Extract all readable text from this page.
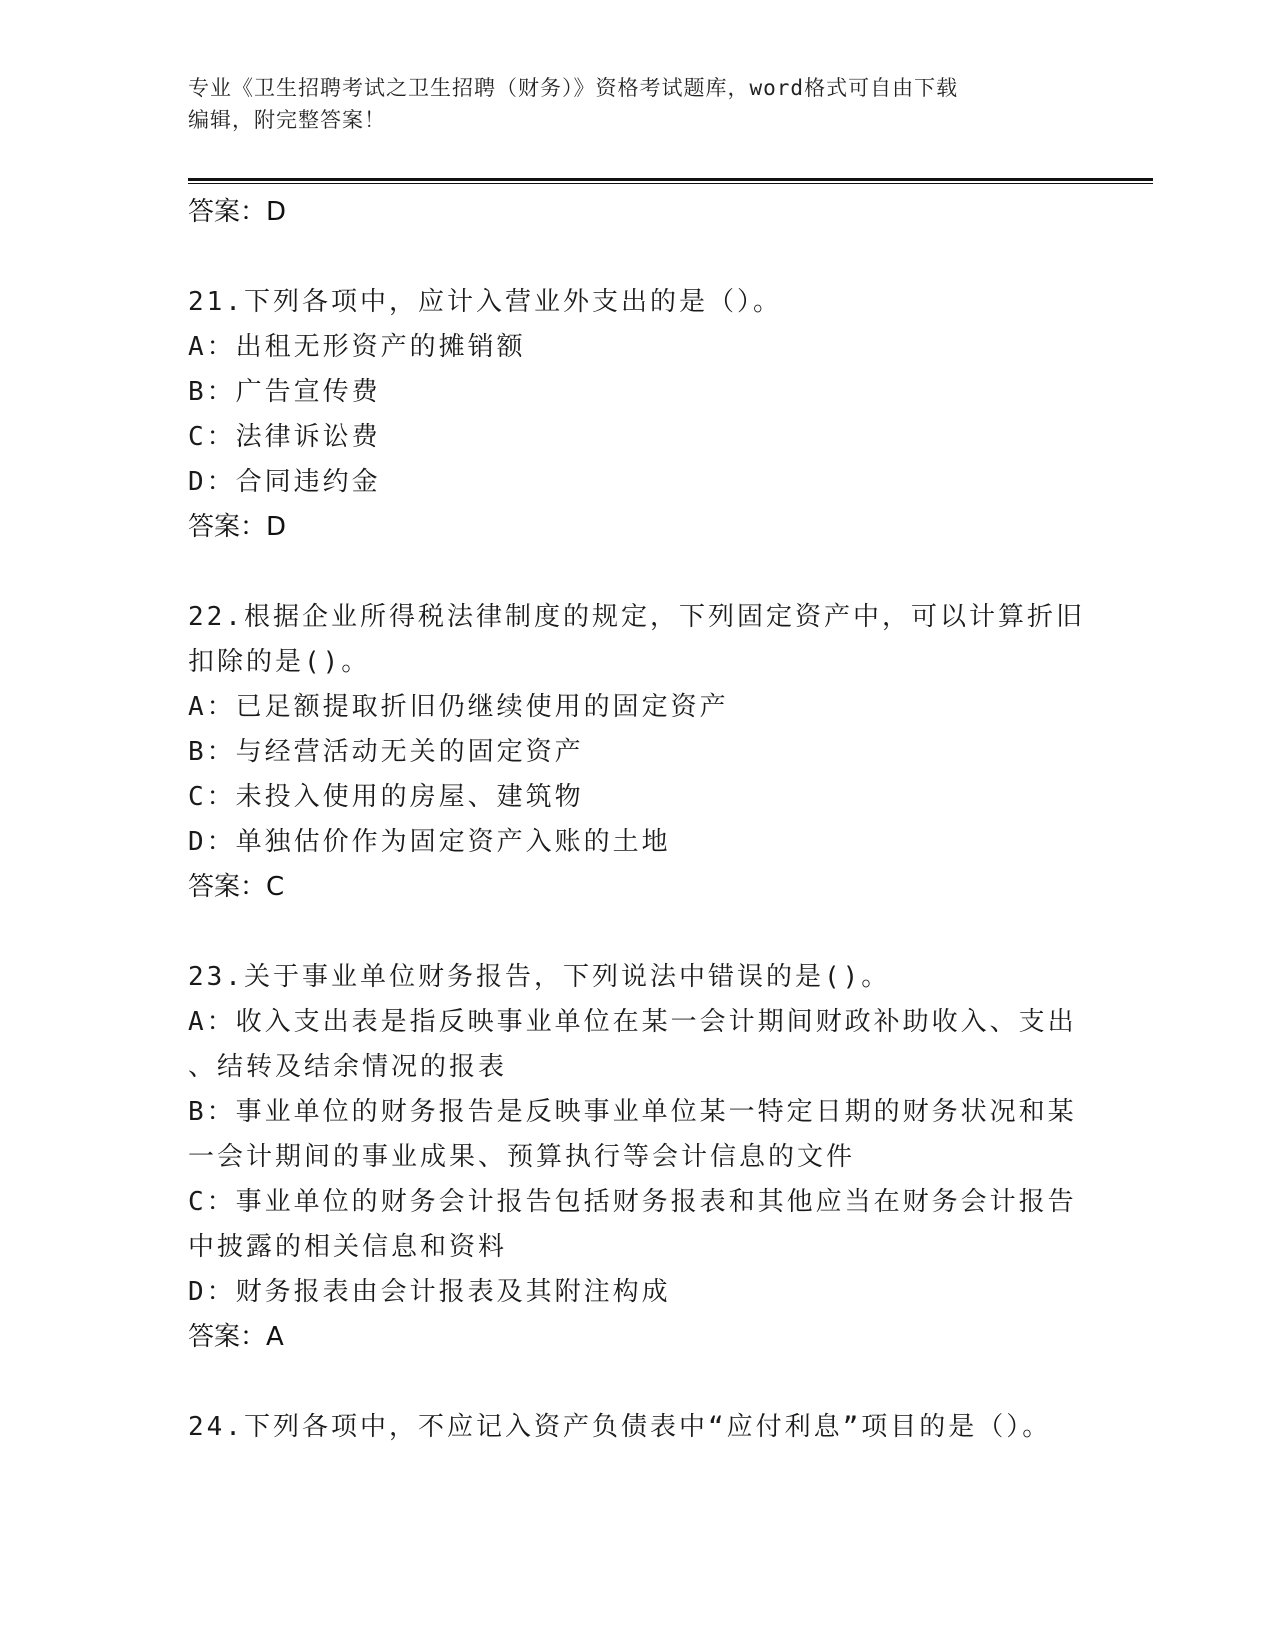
专业《卫生招聘考试之卫生招聘（财务）》资格考试题库，word格式可自由下载
编辑，附完整答案！
答案：D
21.下列各项中，应计入营业外支出的是（）。
A：出租无形资产的摊销额
B：广告宣传费
C：法律诉讼费
D：合同违约金
答案：D
22.根据企业所得税法律制度的规定，下列固定资产中，可以计算折旧
扣除的是()。
A：已足额提取折旧仍继续使用的固定资产
B：与经营活动无关的固定资产
C：未投入使用的房屋、建筑物
D：单独估价作为固定资产入账的土地
答案：C
23.关于事业单位财务报告，下列说法中错误的是()。
A：收入支出表是指反映事业单位在某一会计期间财政补助收入、支出
、结转及结余情况的报表
B：事业单位的财务报告是反映事业单位某一特定日期的财务状况和某
一会计期间的事业成果、预算执行等会计信息的文件
C：事业单位的财务会计报告包括财务报表和其他应当在财务会计报告
中披露的相关信息和资料
D：财务报表由会计报表及其附注构成
答案：A
24.下列各项中，不应记入资产负债表中“应付利息”项目的是（）。
